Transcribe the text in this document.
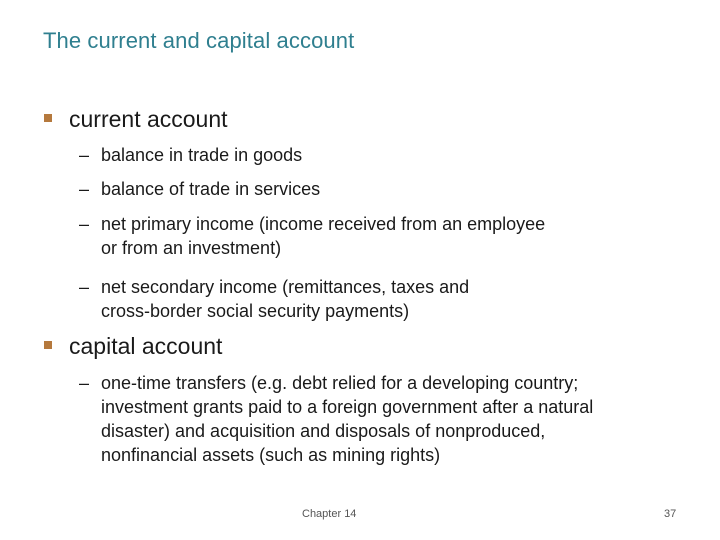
The current and capital account
current account
– balance in trade in goods
– balance of trade in services
– net primary income (income received from an employee
or from an investment)
– net secondary income (remittances, taxes and
cross-border social security payments)
capital account
– one-time transfers (e.g. debt relied for a developing country;
investment grants paid to a foreign government after a natural
disaster) and acquisition and disposals of nonproduced,
nonfinancial assets (such as mining rights)
Chapter 14	37
